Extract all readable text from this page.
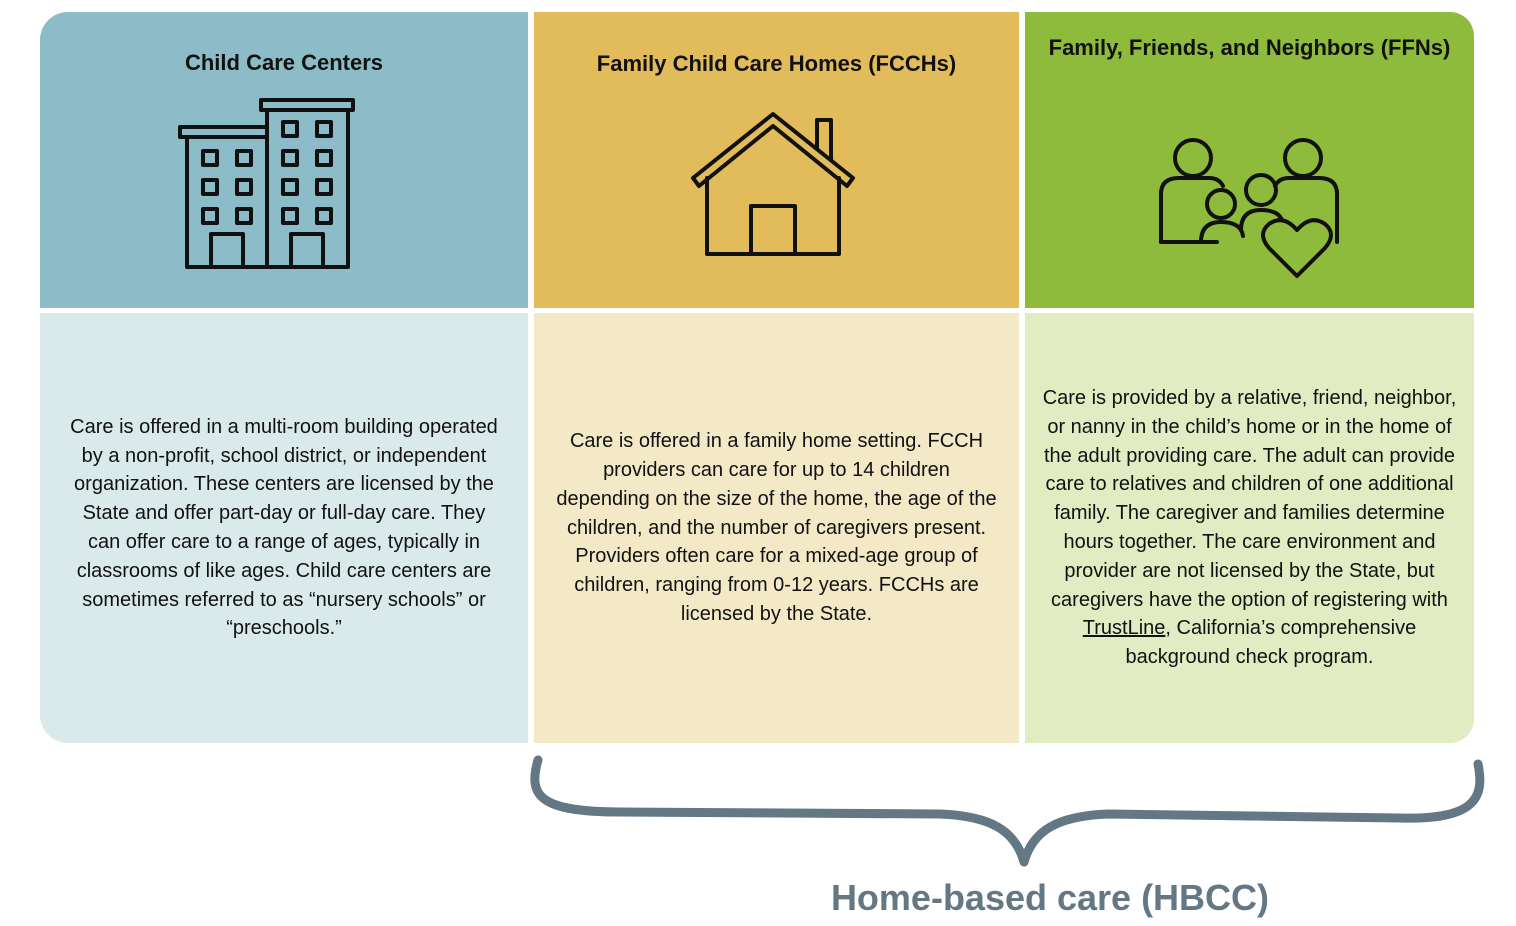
Child Care Centers
Care is offered in a multi-room building operated by a non-profit, school district, or independent organization. These centers are licensed by the State and offer part-day or full-day care. They can offer care to a range of ages, typically in classrooms of like ages. Child care centers are sometimes referred to as “nursery schools” or “preschools.”
Family Child Care Homes (FCCHs)
Care is offered in a family home setting. FCCH providers can care for up to 14 children depending on the size of the home, the age of the children, and the number of caregivers present. Providers often care for a mixed-age group of children, ranging from 0-12 years. FCCHs are licensed by the State.
Family, Friends, and Neighbors (FFNs)
Care is provided by a relative, friend, neighbor, or nanny in the child’s home or in the home of the adult providing care. The adult can provide care to relatives and children of one additional family. The caregiver and families determine hours together. The care environment and provider are not licensed by the State, but caregivers have the option of registering with TrustLine, California’s comprehensive background check program.
Home-based care (HBCC)
